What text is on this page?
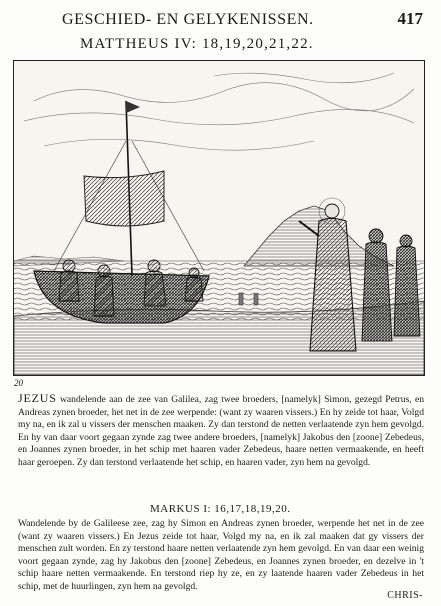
GESCHIED- EN GELYKENISSEN.	417
MATTHEUS IV: 18,19,20,21,22.
20
JEZUS wandelende aan de zee van Galilea, zag twee broeders, [namelyk] Simon, gezegd Petrus, en Andreas zynen broeder, het net in de zee werpende: (want zy waaren vissers.) En hy zeide tot haar, Volgd my na, en ik zal u vissers der menschen maaken. Zy dan terstond de netten verlaatende zyn hem gevolgd. En hy van daar voort gegaan zynde zag twee andere broeders, [namelyk] Jakobus den [zoone] Zebedeus, en Joannes zynen broeder, in het schip met haaren vader Zebedeus, haare netten vermaakende, en heeft haar geroepen. Zy dan terstond verlaatende het schip, en haaren vader, zyn hem na gevolgd.
MARKUS I: 16,17,18,19,20.
Wandelende by de Galileese zee, zag hy Simon en Andreas zynen broeder, werpende het net in de zee (want zy waaren vissers.) En Jezus zeide tot haar, Volgd my na, en ik zal maaken dat gy vissers der menschen zult worden. En zy terstond haare netten verlaatende zyn hem gevolgd. En van daar een weinig voort gegaan zynde, zag hy Jakobus den [zoone] Zebedeus, en Joannes zynen broeder, en dezelve in 't schip haare netten vermaakende. En terstond riep hy ze, en zy laatende haaren vader Zebedeus in het schip, met de huurlingen, zyn hem na gevolgd.
CHRIS-
